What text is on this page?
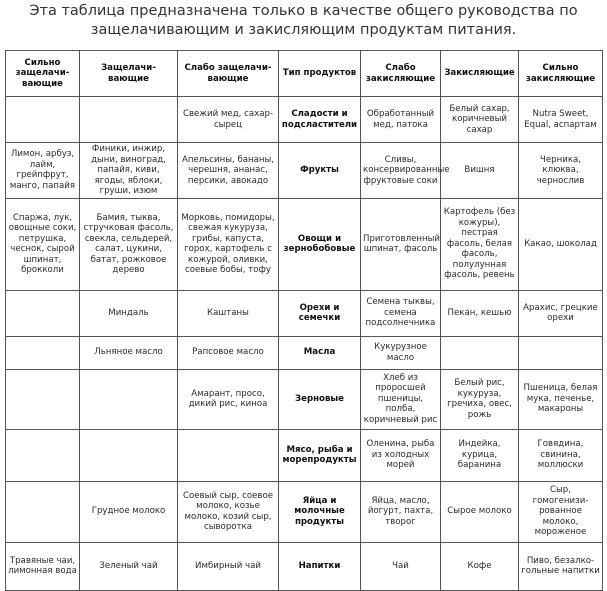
Эта таблица предназначена только в качестве общего руководства по
защелачивающим и закисляющим продуктам питания.
Сильно защелачи-вающие	Защелачи-вающие	Слабо защелачи-вающие	Тип продуктов	Слабо закисляющие	Закисляющие	Сильно закисляющие
		Свежий мед, сахар-сырец	Сладости и подсластители	Обработанный мед, патока	Белый сахар, коричневый сахар	Nutra Sweet, Equal, аспартам
Лимон, арбуз, лайм, грейпфрут, манго, папайя	Финики, инжир, дыни, виноград, папайя, киви, ягоды, яблоки, груши, изюм	Апельсины, бананы, черешня, ананас, персики, авокадо	Фрукты	Сливы, консервированные фруктовые соки	Вишня	Черника, клюква, чернослив
Спаржа, лук, овощные соки, петрушка, чеснок, сырой шпинат, брокколи	Бамия, тыква, стручковая фасоль, свекла, сельдерей, салат, цукини, батат, рожковое дерево	Морковь, помидоры, свежая кукуруза, грибы, капуста, горох, картофель с кожурой, оливки, соевые бобы, тофу	Овощи и зернобобовые	Приготовленный шпинат, фасоль	Картофель (без кожуры), пестрая фасоль, белая фасоль, полулунная фасоль, ревень	Какао, шоколад
	Миндаль	Каштаны	Орехи и семечки	Семена тыквы, семена подсолнечника	Пекан, кешью	Арахис, грецкие орехи
	Льняное масло	Рапсовое масло	Масла	Кукурузное масло		
		Амарант, просо, дикий рис, киноа	Зерновые	Хлеб из проросшей пшеницы, полба, коричневый рис	Белый рис, кукуруза, гречиха, овес, рожь	Пшеница, белая мука, печенье, макароны
			Мясо, рыба и морепродукты	Оленина, рыба из холодных морей	Индейка, курица, баранина	Говядина, свинина, моллюски
	Грудное молоко	Соевый сыр, соевое молоко, козье молоко, козий сыр, сыворотка	Яйца и молочные продукты	Яйца, масло, йогурт, пахта, творог	Сырое молоко	Сыр, гомогенизи-рованное молоко, мороженое
Травяные чаи, лимонная вода	Зеленый чай	Имбирный чай	Напитки	Чай	Кофе	Пиво, безалко-гольные напитки
